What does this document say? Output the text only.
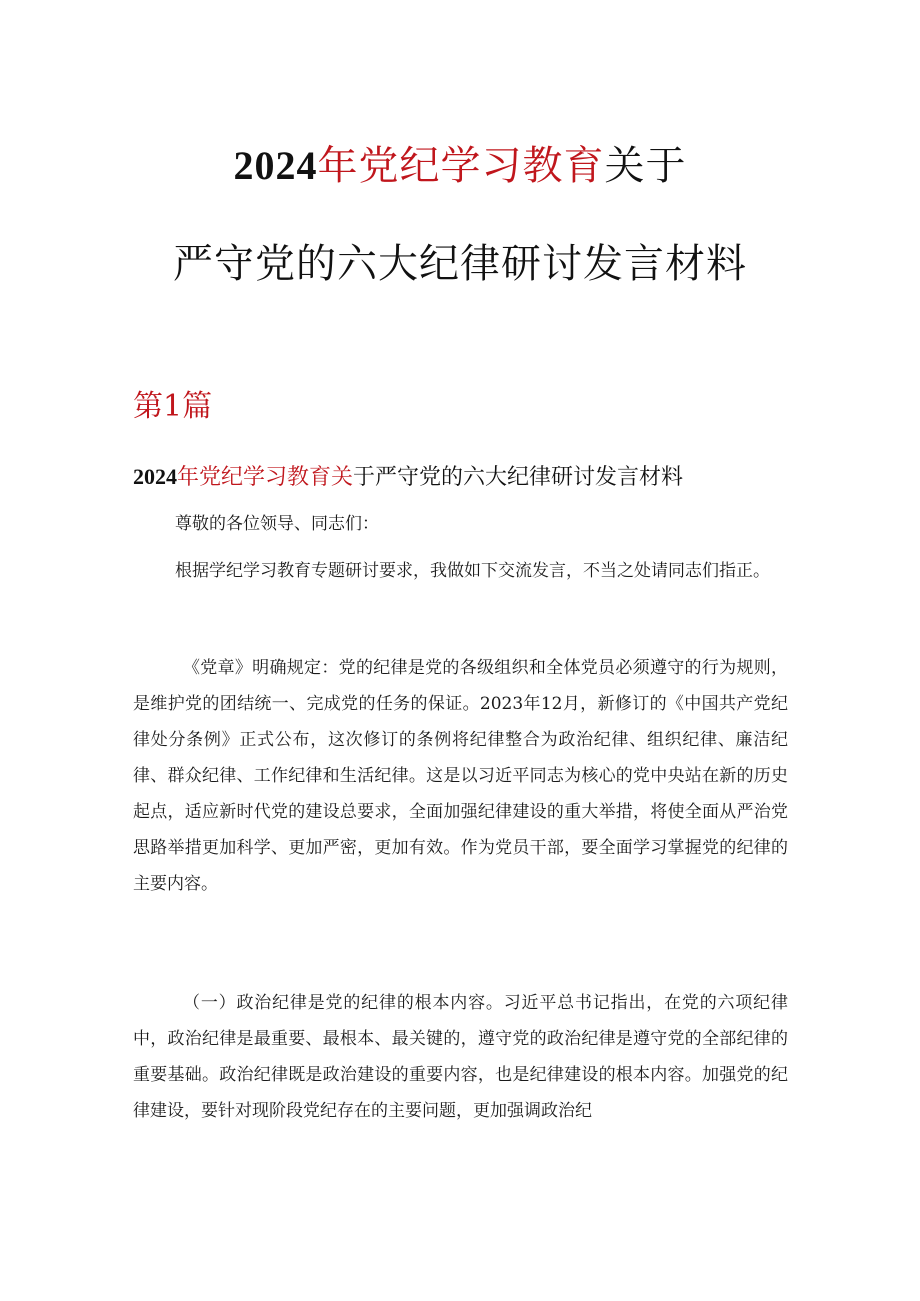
2024年党纪学习教育关于
严守党的六大纪律研讨发言材料
第1篇
2024年党纪学习教育关于严守党的六大纪律研讨发言材料
尊敬的各位领导、同志们：
根据学纪学习教育专题研讨要求，我做如下交流发言，不当之处请同志们指正。
《党章》明确规定：党的纪律是党的各级组织和全体党员必须遵守的行为规则，是维护党的团结统一、完成党的任务的保证。2023年12月，新修订的《中国共产党纪律处分条例》正式公布，这次修订的条例将纪律整合为政治纪律、组织纪律、廉洁纪律、群众纪律、工作纪律和生活纪律。这是以习近平同志为核心的党中央站在新的历史起点，适应新时代党的建设总要求，全面加强纪律建设的重大举措，将使全面从严治党思路举措更加科学、更加严密，更加有效。作为党员干部，要全面学习掌握党的纪律的主要内容。
（一）政治纪律是党的纪律的根本内容。习近平总书记指出，在党的六项纪律中，政治纪律是最重要、最根本、最关键的，遵守党的政治纪律是遵守党的全部纪律的重要基础。政治纪律既是政治建设的重要内容，也是纪律建设的根本内容。加强党的纪律建设，要针对现阶段党纪存在的主要问题，更加强调政治纪
